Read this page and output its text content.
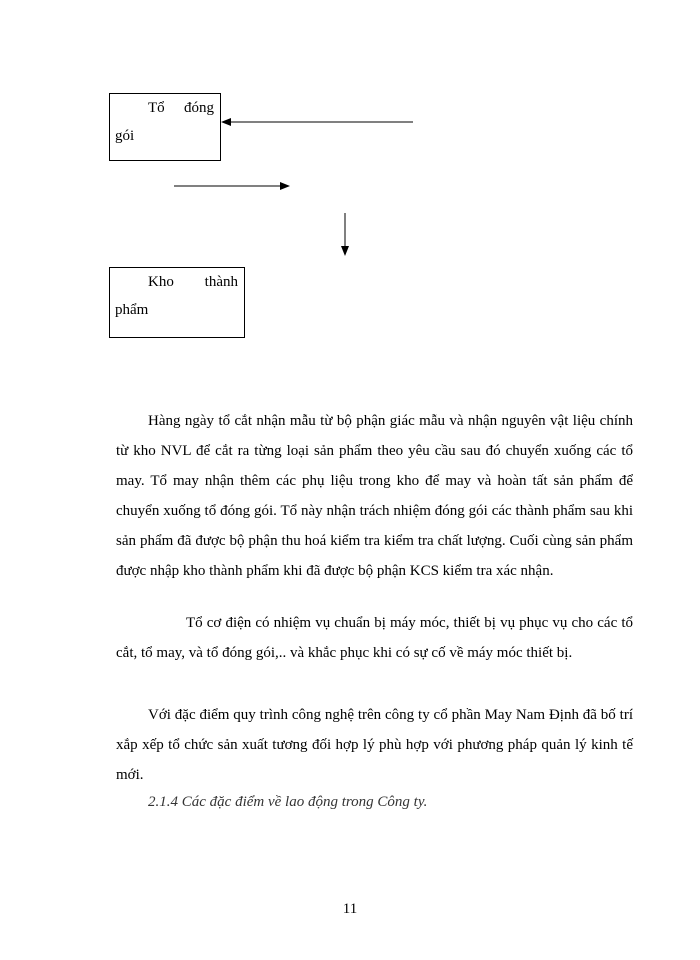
Tổ đóng
gói
Kho thành
phẩm

Hàng ngày tổ cắt nhận mẫu từ bộ phận giác mẫu và nhận nguyên vật liệu chính từ kho NVL để cắt ra từng loại sản phẩm theo yêu cầu sau đó chuyển xuống các tổ may. Tổ may nhận thêm các phụ liệu trong kho để may và hoàn tất sản phẩm để chuyển xuống tổ đóng gói. Tổ này nhận trách nhiệm đóng gói các thành phẩm sau khi sản phẩm đã được bộ phận thu hoá kiểm tra kiểm tra chất lượng. Cuối cùng sản phẩm được nhập kho thành phẩm khi đã được bộ phận KCS kiểm tra xác nhận.

Tổ cơ điện có nhiệm vụ chuẩn bị máy móc, thiết bị vụ phục vụ cho các tổ cắt, tổ may, và tổ đóng gói,.. và khắc phục khi có sự cố về máy móc thiết bị.

Với đặc điểm quy trình công nghệ trên công ty cổ phần May Nam Định đã bố trí xắp xếp tổ chức sản xuất tương đối hợp lý phù hợp với phương pháp quản lý kinh tế mới.

2.1.4 Các đặc điểm về lao động trong Công ty.
11
